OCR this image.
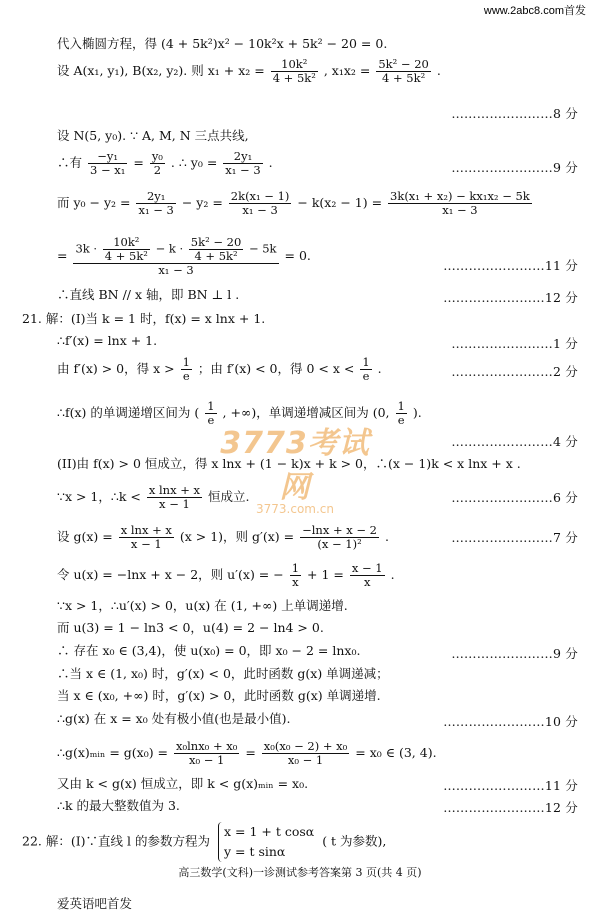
www.2abc8.com首发
3773考试网
3773.com.cn
代入椭圆方程，得 (4 + 5k²)x² − 10k²x + 5k² − 20 = 0.
设 A(x₁, y₁), B(x₂, y₂). 则 $x_1 + x_2 = \frac{\text{10k²}}{\text{4 + 5k²}}$ , $x_1x_2 = \frac{\text{5k² − 20}}{\text{4 + 5k²}}$ .
……………………8 分
设 N(5, y₀). ∵ A, M, N 三点共线,
∴有 $\frac{\text{−y₁}}{\text{3 − x₁}} = \frac{\text{y₀}}{2}$ . ∴ $y_0 = \frac{\text{2y₁}}{\text{x₁ − 3}}$ .	……………………9 分
而 $y_0 - y_2 = \frac{\text{2y₁}}{\text{x₁ − 3}} - y_2 = \frac{\text{2k(x₁ − 1)}}{\text{x₁ − 3}} - k(x_2 - 1) = \frac{\text{3k(x₁ + x₂) − kx₁x₂ − 5k}}{\text{x₁ − 3}}$
= $3k \cdot \frac{\text{10k²}}{\text{4 + 5k²}} - k \cdot \frac{\text{5k² − 20}}{\text{4 + 5k²}} - 5k$
x₁ − 3
= 0.
……………………11 分
∴直线 BN // x 轴，即 BN ⊥ l .	……………………12 分
21. 解：(I)当 k = 1 时，f(x) = x lnx + 1.
∴f′(x) = lnx + 1.	……………………1 分
由 f′(x) > 0，得 $x > \frac{1}{e}$ ；由 f′(x) < 0，得 $0 < x < \frac{1}{e}$ .	……………………2 分
∴f(x) 的单调递增区间为 ( $\frac{1}{e}$ , +∞)，单调递增减区间为 (0, $\frac{1}{e}$ ).
……………………4 分
(II)由 f(x) > 0 恒成立，得 x lnx + (1 − k)x + k > 0，∴(x − 1)k < x lnx + x .
∵x > 1，∴k < $\frac{\text{x lnx + x}}{x - 1}$ 恒成立.	……………………6 分
设 $g(x) = \frac{\text{x lnx + x}}{x - 1} (x > 1)$，则 $g'(x) = \frac{-\ln x + x - 2}{\text{(x − 1)²}}$ .	……………………7 分
令 u(x) = −lnx + x − 2，则 u′(x) = − $\frac{1}{x} + 1 = \frac{x - 1}{x}$ .
∵x > 1，∴u′(x) > 0，u(x) 在 (1, +∞) 上单调递增.
而 u(3) = 1 − ln3 < 0，u(4) = 2 − ln4 > 0.
∴ 存在 x₀ ∈ (3,4)，使 u(x₀) = 0，即 x₀ − 2 = lnx₀.	……………………9 分
∴当 x ∈ (1, x₀) 时，g′(x) < 0，此时函数 g(x) 单调递减；
当 x ∈ (x₀, +∞) 时，g′(x) > 0，此时函数 g(x) 单调递增.
∴g(x) 在 x = x₀ 处有极小值(也是最小值).	……………………10 分
∴g(x)ₘᵢₙ = $g(x_0) = \frac{\text{x₀lnx₀ + x₀}}{\text{x₀ − 1}} = \frac{\text{x₀(x₀ − 2) + x₀}}{\text{x₀ − 1}} = x_0$ ∈ (3, 4).
又由 k < g(x) 恒成立，即 k < g(x)ₘᵢₙ = x₀.	……………………11 分
∴k 的最大整数值为 3.	……………………12 分
22. 解：(Ⅰ)∵直线 l 的参数方程为
x = 1 + t cosα
y = t sinα
( t 为参数),
高三数学(文科)一诊测试参考答案第 3 页(共 4 页)
爱英语吧首发
